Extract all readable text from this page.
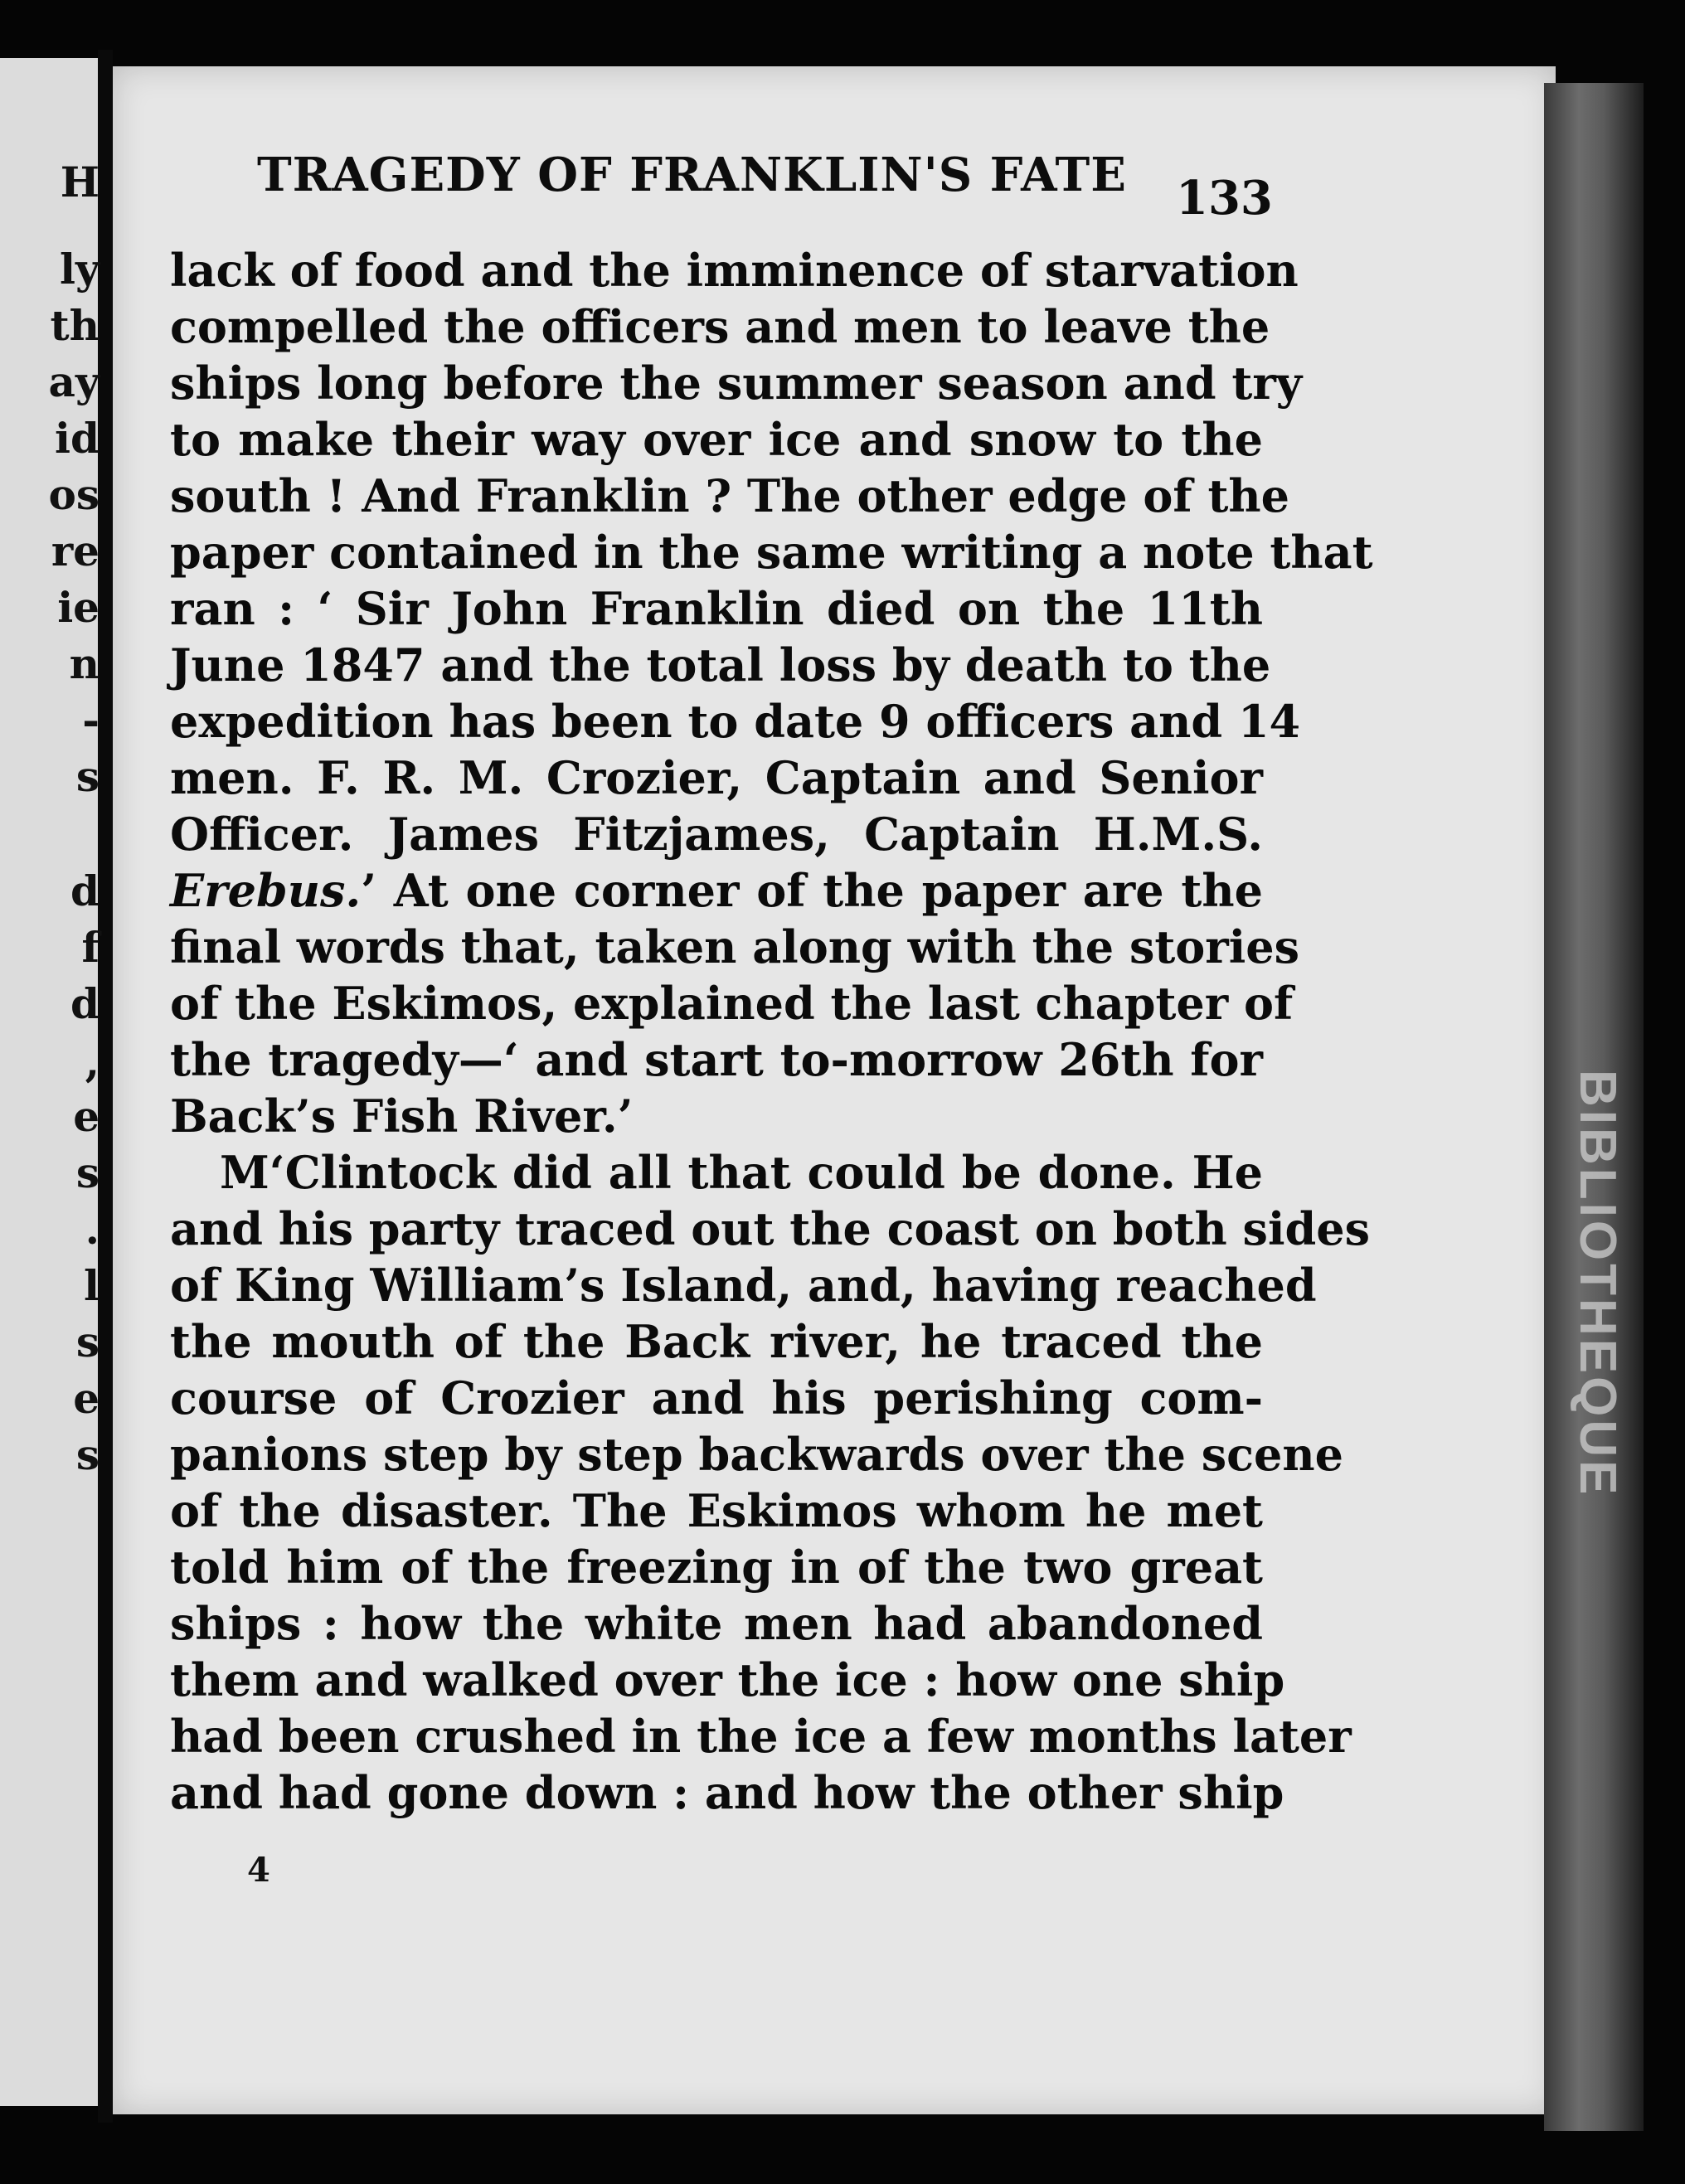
H
ly
th
ay
id
os
re
ie
n
-
s
d
f
d
,
e
s
.
l
s
e
s	BIBLIOTHEQUE
TRAGEDY OF FRANKLIN'S FATE 133
lack of food and the imminence of starvation
compelled the officers and men to leave the
ships long before the summer season and try
to make their way over ice and snow to the
south ! And Franklin ? The other edge of the
paper contained in the same writing a note that
ran : ‘ Sir John Franklin died on the 11th
June 1847 and the total loss by death to the
expedition has been to date 9 officers and 14
men. F. R. M. Crozier, Captain and Senior
Officer. James Fitzjames, Captain H.M.S.
Erebus.’ At one corner of the paper are the
final words that, taken along with the stories
of the Eskimos, explained the last chapter of
the tragedy—‘ and start to-morrow 26th for
Back’s Fish River.’
M‘Clintock did all that could be done. He
and his party traced out the coast on both sides
of King William’s Island, and, having reached
the mouth of the Back river, he traced the
course of Crozier and his perishing com-
panions step by step backwards over the scene
of the disaster. The Eskimos whom he met
told him of the freezing in of the two great
ships : how the white men had abandoned
them and walked over the ice : how one ship
had been crushed in the ice a few months later
and had gone down : and how the other ship
4
